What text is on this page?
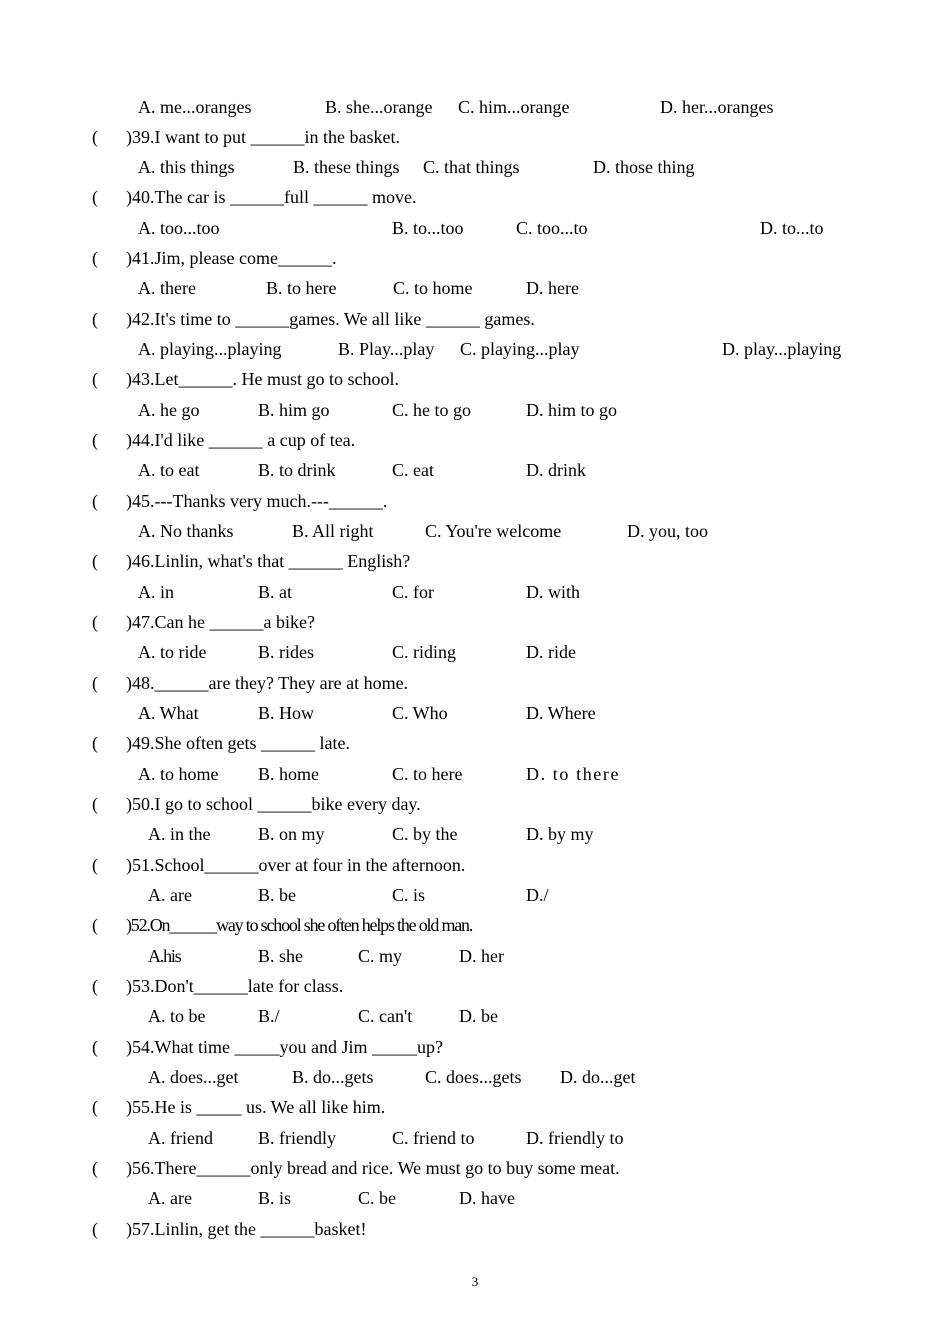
A. me...oranges	B. she...orange C. him...orange	D. her...oranges
( )39.I want to put ______in the basket.
A. this things	B. these things C. that things	D. those thing
( )40.The car is ______full ______ move.
A. too...too	B. to...too	C. too...to	D. to...to
( )41.Jim, please come______.
A. there	B. to here	C. to home	D. here
( )42.It's time to ______games. We all like ______ games.
A. playing...playing	B. Play...play C. playing...play	D. play...playing
( )43.Let______. He must go to school.
A. he go	B. him go	C. he to go	D. him to go
( )44.I'd like ______ a cup of tea.
A. to eat	B. to drink	C. eat	D. drink
( )45.---Thanks very much.---______.
A. No thanks	B. All right	C. You're welcome	D. you, too
( )46.Linlin, what's that ______ English?
A. in	B. at	C. for	D. with
( )47.Can he ______a bike?
A. to ride	B. rides	C. riding	D. ride
( )48.______are they? They are at home.
A. What	B. How	C. Who	D. Where
( )49.She often gets ______ late.
A. to home B. home	C. to here	D. to there
( )50.I go to school ______bike every day.
A. in the	B. on my	C. by the	D. by my
( )51.School______over at four in the afternoon.
A. are	B. be	C. is	D./
( )52.On______way to school she often helps the old man.
A.his	B. she	C. my	D. her
( )53.Don't______late for class.
A. to be	B./	C. can't	D. be
( )54.What time _____you and Jim _____up?
A. does...get	B. do...gets	C. does...gets D. do...get
( )55.He is _____ us. We all like him.
A. friend	B. friendly	C. friend to	D. friendly to
( )56.There______only bread and rice. We must go to buy some meat.
A. are	B. is	C. be	D. have
( )57.Linlin, get the ______basket!
3
